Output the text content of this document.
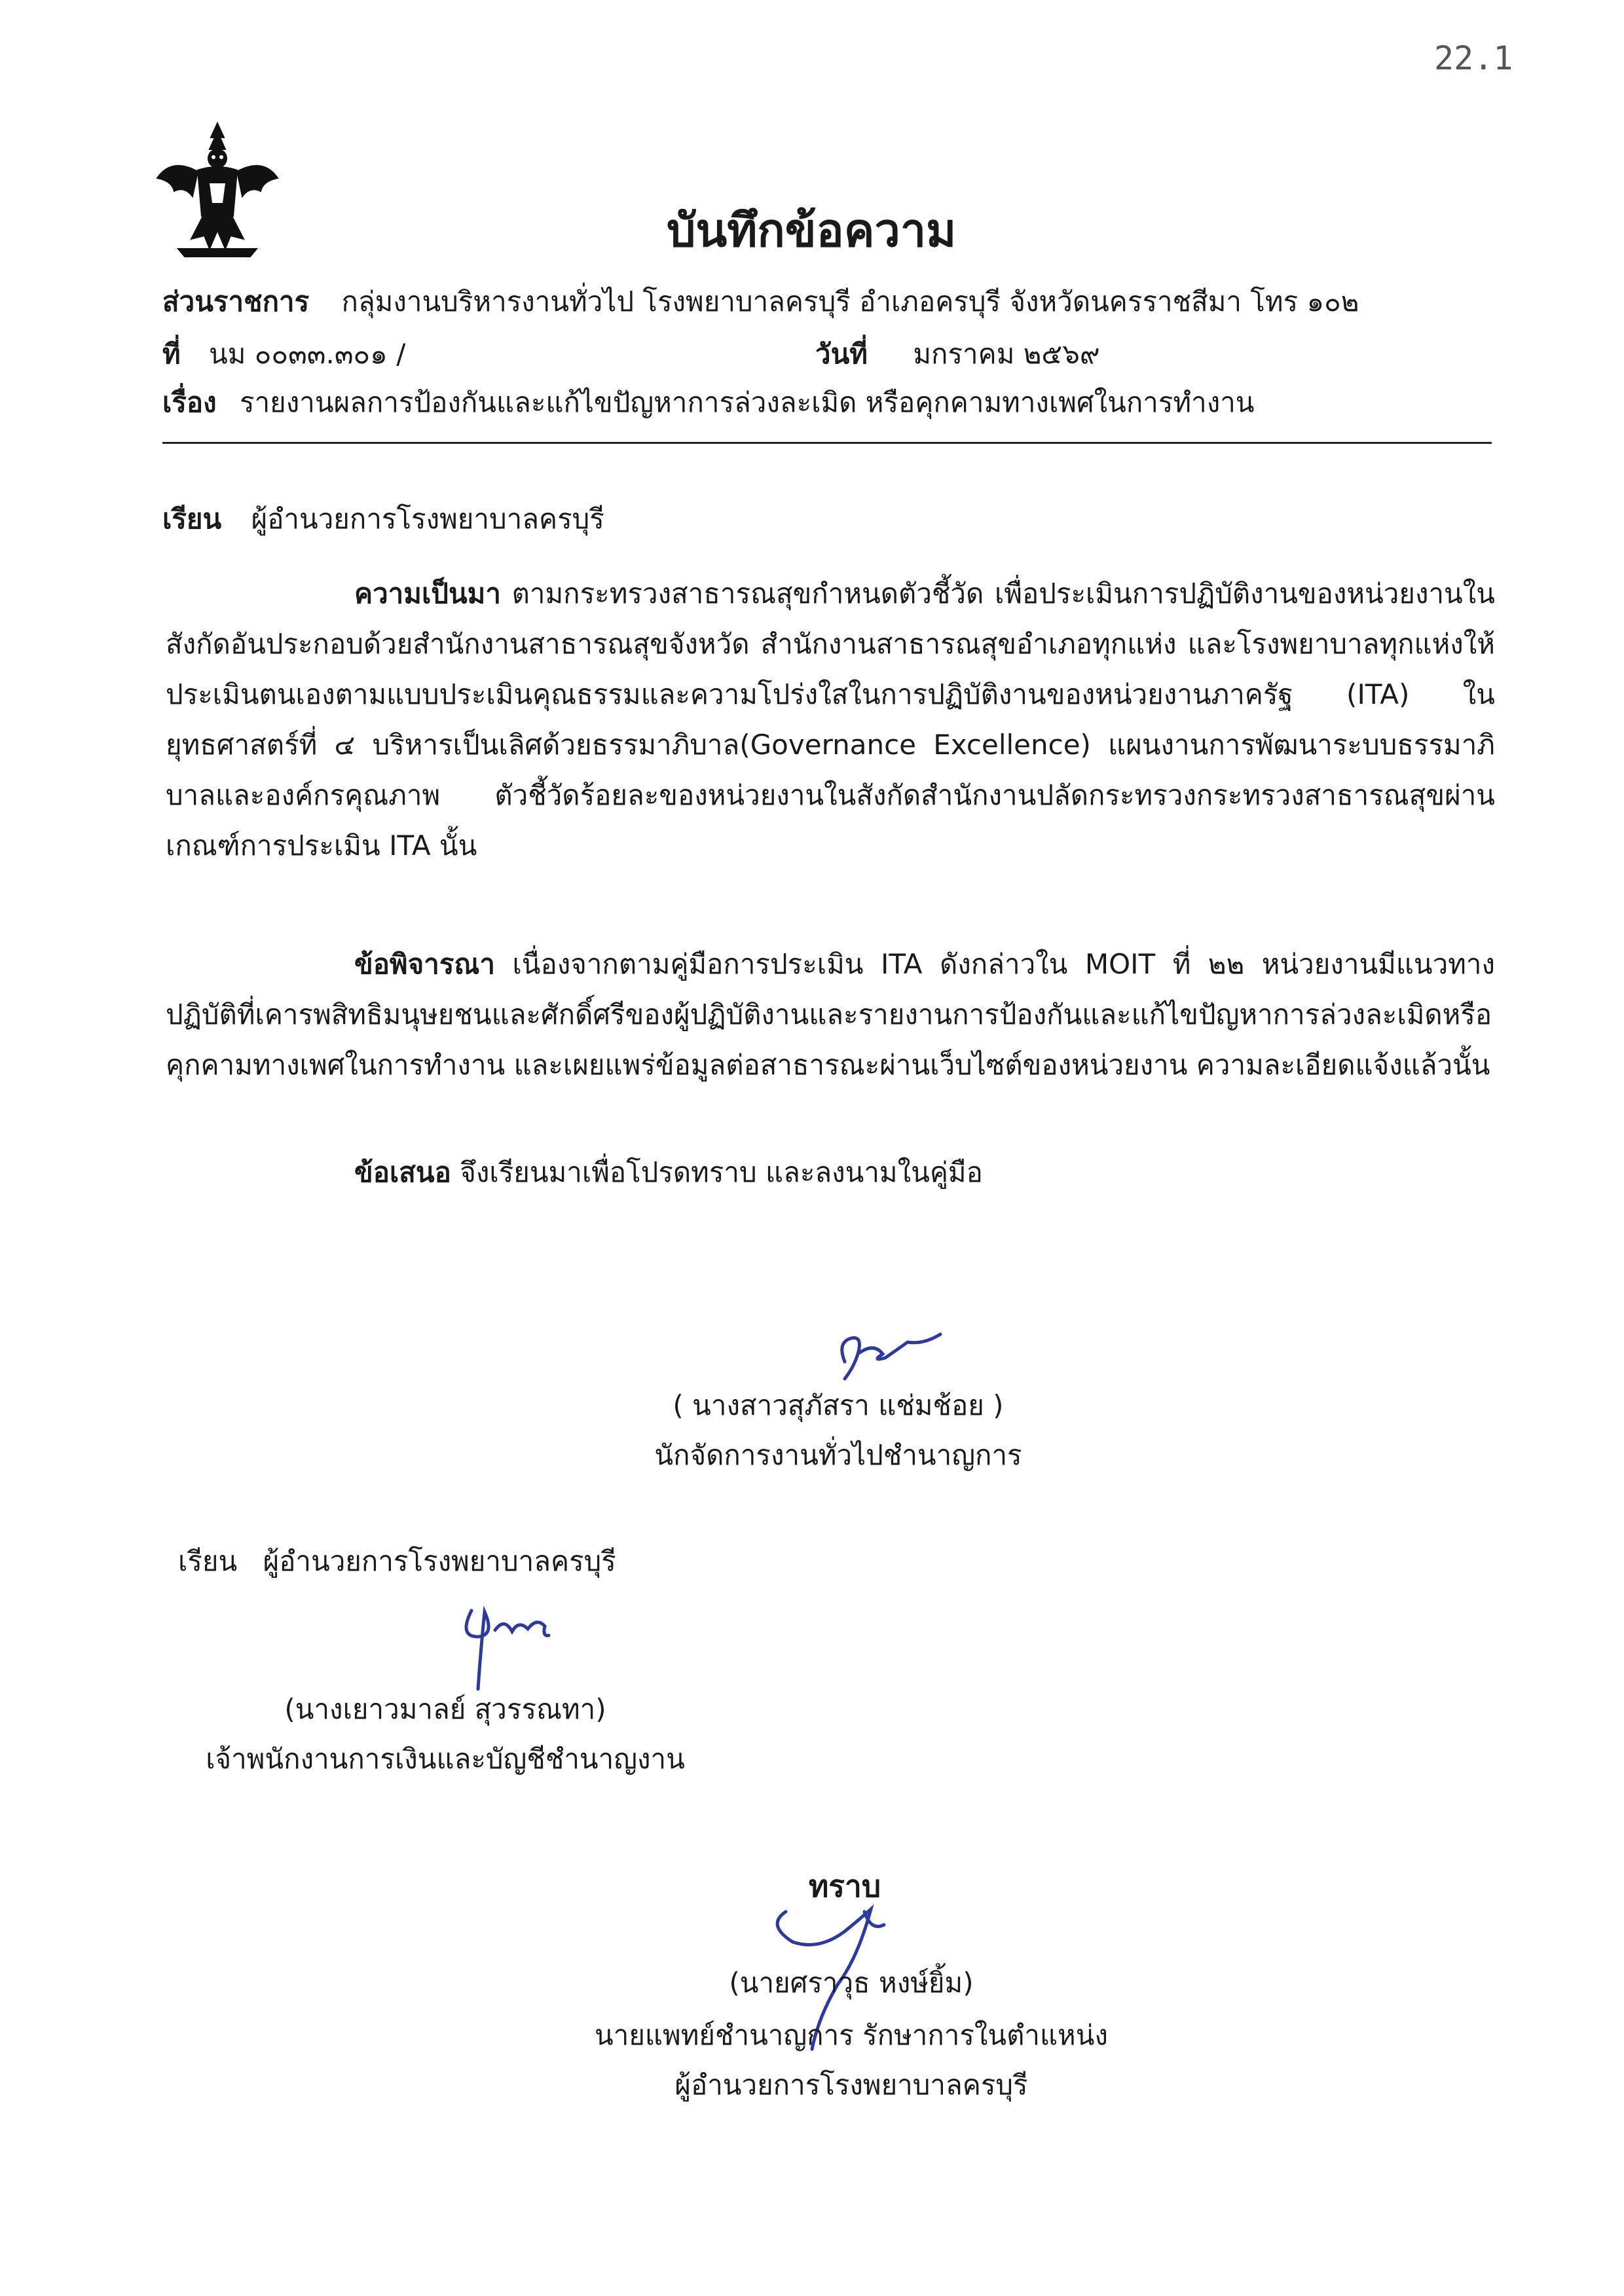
22.1
บันทึกข้อความ
ส่วนราชการ กลุ่มงานบริหารงานทั่วไป โรงพยาบาลครบุรี อำเภอครบุรี จังหวัดนครราชสีมา โทร ๑๐๒
ที่ นม ๐๐๓๓.๓๐๑ /	วันที่ มกราคม ๒๕๖๙
เรื่อง รายงานผลการป้องกันและแก้ไขปัญหาการล่วงละเมิด หรือคุกคามทางเพศในการทำงาน
เรียน ผู้อำนวยการโรงพยาบาลครบุรี
ความเป็นมา ตามกระทรวงสาธารณสุขกำหนดตัวชี้วัด เพื่อประเมินการปฏิบัติงานของหน่วยงานในสังกัดอันประกอบด้วยสำนักงานสาธารณสุขจังหวัด สำนักงานสาธารณสุขอำเภอทุกแห่ง และโรงพยาบาลทุกแห่งให้ประเมินตนเองตามแบบประเมินคุณธรรมและความโปร่งใสในการปฏิบัติงานของหน่วยงานภาครัฐ (ITA) ในยุทธศาสตร์ที่ ๔ บริหารเป็นเลิศด้วยธรรมาภิบาล(Governance Excellence) แผนงานการพัฒนาระบบธรรมาภิบาลและองค์กรคุณภาพ ตัวชี้วัดร้อยละของหน่วยงานในสังกัดสำนักงานปลัดกระทรวงกระทรวงสาธารณสุขผ่านเกณฑ์การประเมิน ITA นั้น
ข้อพิจารณา เนื่องจากตามคู่มือการประเมิน ITA ดังกล่าวใน MOIT ที่ ๒๒ หน่วยงานมีแนวทางปฏิบัติที่เคารพสิทธิมนุษยชนและศักดิ์ศรีของผู้ปฏิบัติงานและรายงานการป้องกันและแก้ไขปัญหาการล่วงละเมิดหรือคุกคามทางเพศในการทำงาน และเผยแพร่ข้อมูลต่อสาธารณะผ่านเว็บไซต์ของหน่วยงาน ความละเอียดแจ้งแล้วนั้น
ข้อเสนอ จึงเรียนมาเพื่อโปรดทราบ และลงนามในคู่มือ
( นางสาวสุภัสรา แช่มช้อย )
นักจัดการงานทั่วไปชำนาญการ
เรียน ผู้อำนวยการโรงพยาบาลครบุรี
(นางเยาวมาลย์ สุวรรณทา)
เจ้าพนักงานการเงินและบัญชีชำนาญงาน
ทราบ
(นายศราวุธ หงษ์ยิ้ม)
นายแพทย์ชำนาญการ รักษาการในตำแหน่ง
ผู้อำนวยการโรงพยาบาลครบุรี
